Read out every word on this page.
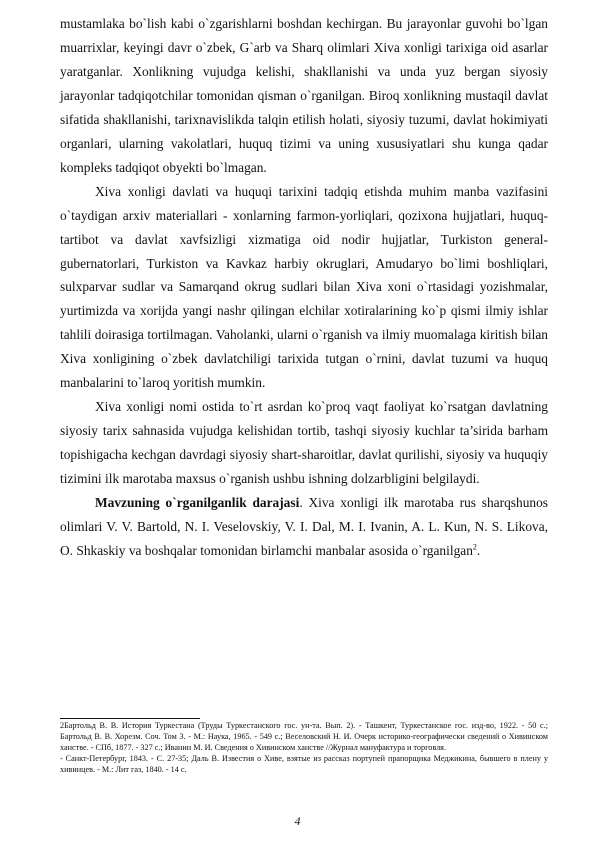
mustamlaka bo`lish kabi o`zgarishlarni boshdan kechirgan. Bu jarayonlar guvohi bo`lgan muarrixlar, keyingi davr o`zbek, G`arb va Sharq olimlari Xiva xonligi tarixiga oid asarlar yaratganlar. Xonlikning vujudga kelishi, shakllanishi va unda yuz bergan siyosiy jarayonlar tadqiqotchilar tomonidan qisman o`rganilgan. Biroq xonlikning mustaqil davlat sifatida shakllanishi, tarixnavislikda talqin etilish holati, siyosiy tuzumi, davlat hokimiyati organlari, ularning vakolatlari, huquq tizimi va uning xususiyatlari shu kunga qadar kompleks tadqiqot obyekti bo`lmagan.

Xiva xonligi davlati va huquqi tarixini tadqiq etishda muhim manba vazifasini o`taydigan arxiv materiallari - xonlarning farmon-yorliqlari, qozixona hujjatlari, huquq-tartibot va davlat xavfsizligi xizmatiga oid nodir hujjatlar, Turkiston general-gubernatorlari, Turkiston va Kavkaz harbiy okruglari, Amudaryo bo`limi boshliqlari, sulxparvar sudlar va Samarqand okrug sudlari bilan Xiva xoni o`rtasidagi yozishmalar, yurtimizda va xorijda yangi nashr qilingan elchilar xotiralarining ko`p qismi ilmiy ishlar tahlili doirasiga tortilmagan. Vaholanki, ularni o`rganish va ilmiy muomalaga kiritish bilan Xiva xonligining o`zbek davlatchiligi tarixida tutgan o`rnini, davlat tuzumi va huquq manbalarini to`laroq yoritish mumkin.

Xiva xonligi nomi ostida to`rt asrdan ko`proq vaqt faoliyat ko`rsatgan davlatning siyosiy tarix sahnasida vujudga kelishidan tortib, tashqi siyosiy kuchlar ta’sirida barham topishigacha kechgan davrdagi siyosiy shart-sharoitlar, davlat qurilishi, siyosiy va huquqiy tizimini ilk marotaba maxsus o`rganish ushbu ishning dolzarbligini belgilaydi.

Mavzuning o`rganilganlik darajasi. Xiva xonligi ilk marotaba rus sharqshunos olimlari V. V. Bartold, N. I. Veselovskiy, V. I. Dal, M. I. Ivanin, A. L. Kun, N. S. Likova, O. Shkaskiy va boshqalar tomonidan birlamchi manbalar asosida o`rganilgan$^2$.

2Бартольд В. В. История Туркестана (Труды Туркестанского гос. ун-та. Вып. 2). - Ташкент, Туркестанское гос. изд-во, 1922. - 50 с.; Бартольд В. В. Хорезм. Соч. Том 3. - М.: Наука, 1965. - 549 с.; Веселовский Н. И. Очерк историко-географически сведений о Хивинском ханстве. - СПб, 1877. - 327 с.; Иванин М. И. Сведения о Хивинском ханстве //Журнал мануфактура и торговля.

- Санкт-Петербург, 1843. - С. 27-35; Даль В. Известия о Хиве, взятые из рассказ портупей прапорщика Меджикина, бывшего в плену у хивинцев. - М.: Лит газ, 1840. - 14 с.

4
